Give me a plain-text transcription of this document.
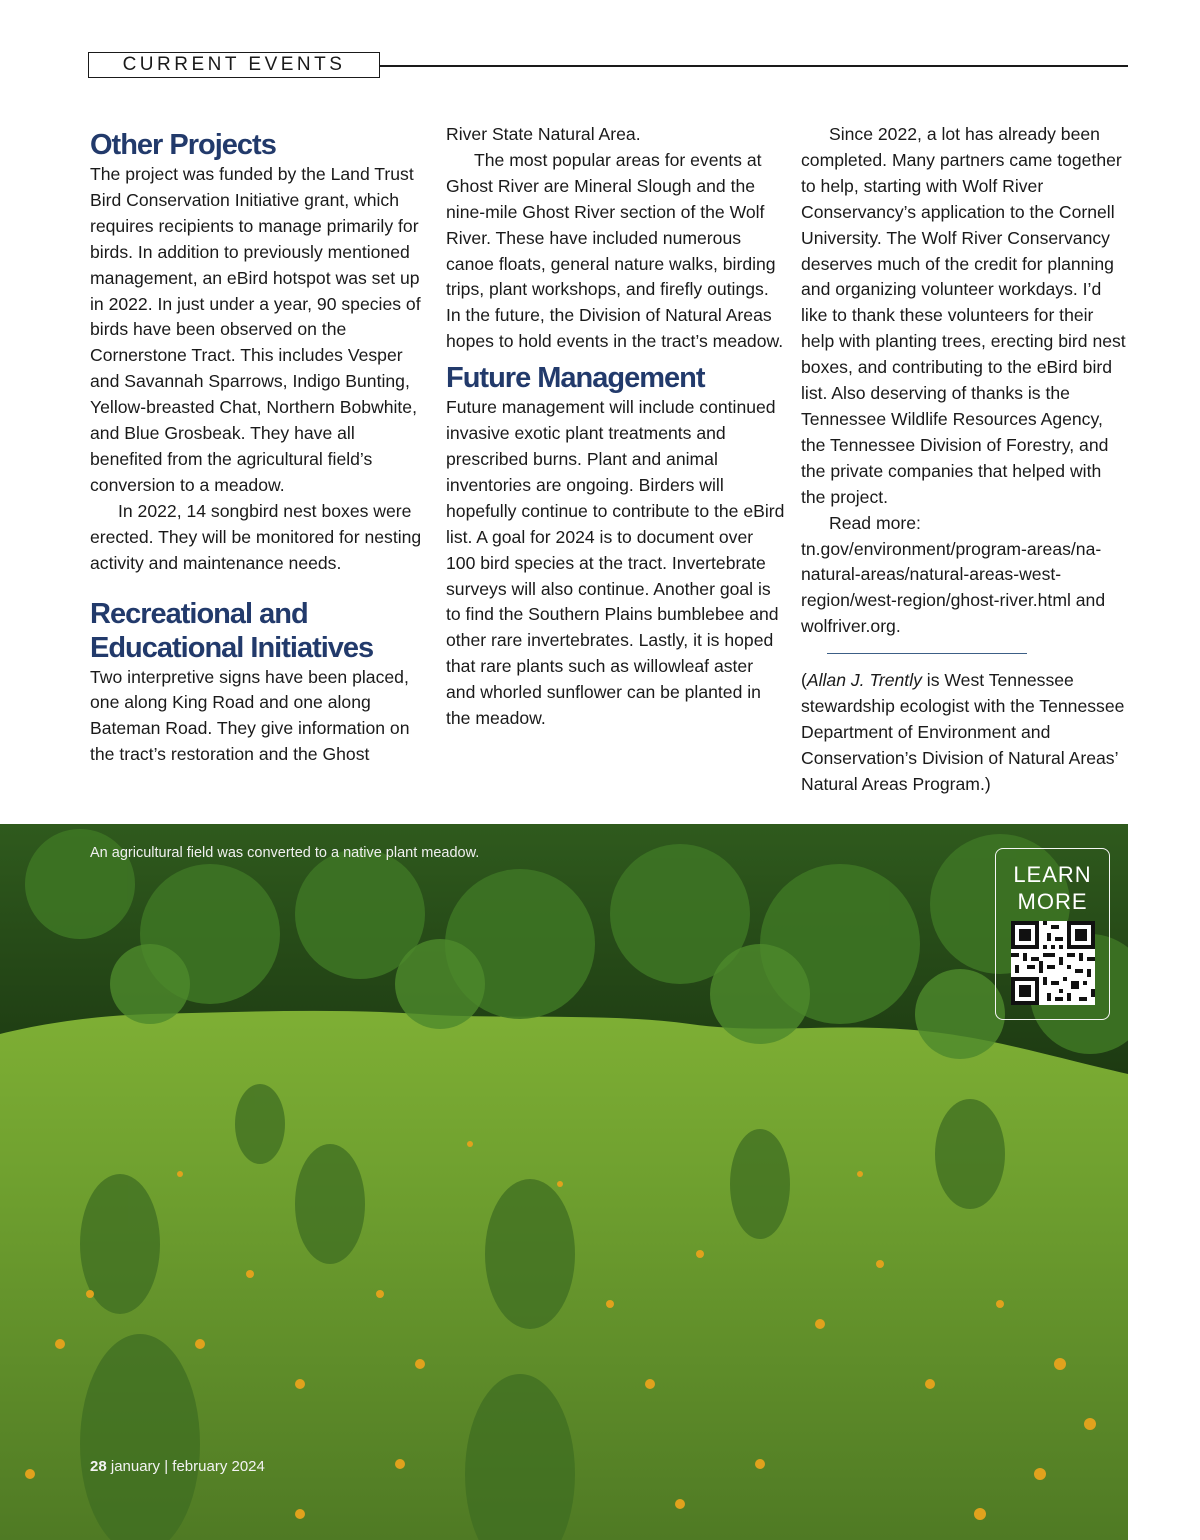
CURRENT EVENTS
Other Projects

The project was funded by the Land Trust Bird Conservation Initiative grant, which requires recipients to manage primarily for birds. In addition to previously mentioned management, an eBird hotspot was set up in 2022. In just under a year, 90 species of birds have been observed on the Cornerstone Tract. This includes Vesper and Savannah Sparrows, Indigo Bunting, Yellow-breasted Chat, Northern Bobwhite, and Blue Grosbeak. They have all benefited from the agricultural field’s conversion to a meadow.

In 2022, 14 songbird nest boxes were erected. They will be monitored for nesting activity and maintenance needs.

Recreational and Educational Initiatives

Two interpretive signs have been placed, one along King Road and one along Bateman Road. They give information on the tract’s restoration and the Ghost

River State Natural Area.

The most popular areas for events at Ghost River are Mineral Slough and the nine-mile Ghost River section of the Wolf River. These have included numerous canoe floats, general nature walks, birding trips, plant workshops, and firefly outings. In the future, the Division of Natural Areas hopes to hold events in the tract’s meadow.

Future Management

Future management will include continued invasive exotic plant treatments and prescribed burns. Plant and animal inventories are ongoing. Birders will hopefully continue to contribute to the eBird list. A goal for 2024 is to document over 100 bird species at the tract. Invertebrate surveys will also continue. Another goal is to find the Southern Plains bumblebee and other rare invertebrates. Lastly, it is hoped that rare plants such as willowleaf aster and whorled sunflower can be planted in the meadow.

Since 2022, a lot has already been completed. Many partners came together to help, starting with Wolf River Conservancy’s application to the Cornell University. The Wolf River Conservancy deserves much of the credit for planning and organizing volunteer workdays. I’d like to thank these volunteers for their help with planting trees, erecting bird nest boxes, and contributing to the eBird bird list. Also deserving of thanks is the Tennessee Wildlife Resources Agency, the Tennessee Division of Forestry, and the private companies that helped with the project.

Read more: tn.gov/environment/program-areas/na-natural-areas/natural-areas-west-region/west-region/ghost-river.html and wolfriver.org.

(Allan J. Trently is West Tennessee stewardship ecologist with the Tennessee Department of Environment and Conservation’s Division of Natural Areas’ Natural Areas Program.)

An agricultural field was converted to a native plant meadow.
LEARN
MORE
28 january | february 2024
